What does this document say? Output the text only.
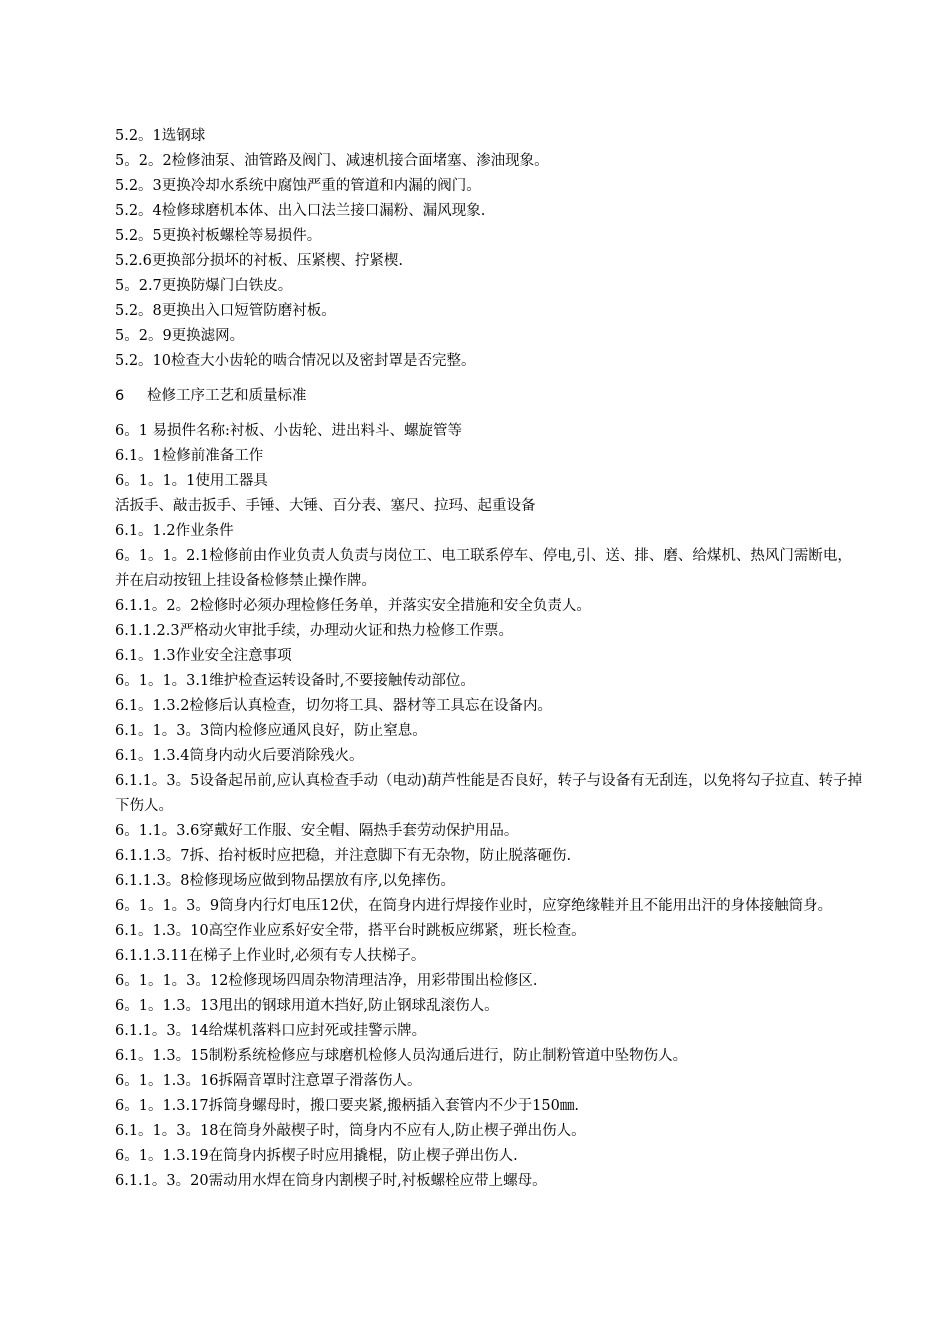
5.2。1选钢球
5。2。2检修油泵、油管路及阀门、减速机接合面堵塞、渗油现象。
5.2。3更换冷却水系统中腐蚀严重的管道和内漏的阀门。
5.2。4检修球磨机本体、出入口法兰接口漏粉、漏风现象.
5.2。5更换衬板螺栓等易损件。
5.2.6更换部分损坏的衬板、压紧楔、拧紧楔.
5。2.7更换防爆门白铁皮。
5.2。8更换出入口短管防磨衬板。
5。2。9更换滤网。
5.2。10检查大小齿轮的啮合情况以及密封罩是否完整。
6 检修工序工艺和质量标准
6。1 易损件名称:衬板、小齿轮、进出料斗、螺旋管等
6.1。1检修前准备工作
6。1。1。1使用工器具
活扳手、敲击扳手、手锤、大锤、百分表、塞尺、拉玛、起重设备
6.1。1.2作业条件
6。1。1。2.1检修前由作业负责人负责与岗位工、电工联系停车、停电,引、送、排、磨、给煤机、热风门需断电，并在启动按钮上挂设备检修禁止操作牌。
6.1.1。2。2检修时必须办理检修任务单，并落实安全措施和安全负责人。
6.1.1.2.3严格动火审批手续，办理动火证和热力检修工作票。
6.1。1.3作业安全注意事项
6。1。1。3.1维护检查运转设备时,不要接触传动部位。
6.1。1.3.2检修后认真检查，切勿将工具、器材等工具忘在设备内。
6.1。1。3。3筒内检修应通风良好，防止窒息。
6.1。1.3.4筒身内动火后要消除残火。
6.1.1。3。5设备起吊前,应认真检查手动（电动)葫芦性能是否良好，转子与设备有无刮连，以免将勾子拉直、转子掉下伤人。
6。1.1。3.6穿戴好工作服、安全帽、隔热手套劳动保护用品。
6.1.1.3。7拆、抬衬板时应把稳，并注意脚下有无杂物，防止脱落砸伤.
6.1.1.3。8检修现场应做到物品摆放有序,以免摔伤。
6。1。1。3。9筒身内行灯电压12伏，在筒身内进行焊接作业时，应穿绝缘鞋并且不能用出汗的身体接触筒身。
6.1。1.3。10高空作业应系好安全带，搭平台时跳板应绑紧，班长检查。
6.1.1.3.11在梯子上作业时,必须有专人扶梯子。
6。1。1。3。12检修现场四周杂物清理洁净，用彩带围出检修区.
6。1。1.3。13甩出的钢球用道木挡好,防止钢球乱滚伤人。
6.1.1。3。14给煤机落料口应封死或挂警示牌。
6.1。1.3。15制粉系统检修应与球磨机检修人员沟通后进行，防止制粉管道中坠物伤人。
6。1。1.3。16拆隔音罩时注意罩子滑落伤人。
6。1。1.3.17拆筒身螺母时，搬口要夹紧,搬柄插入套管内不少于150㎜.
6.1。1。3。18在筒身外敲楔子时，筒身内不应有人,防止楔子弹出伤人。
6。1。1.3.19在筒身内拆楔子时应用撬棍，防止楔子弹出伤人.
6.1.1。3。20需动用水焊在筒身内割楔子时,衬板螺栓应带上螺母。
